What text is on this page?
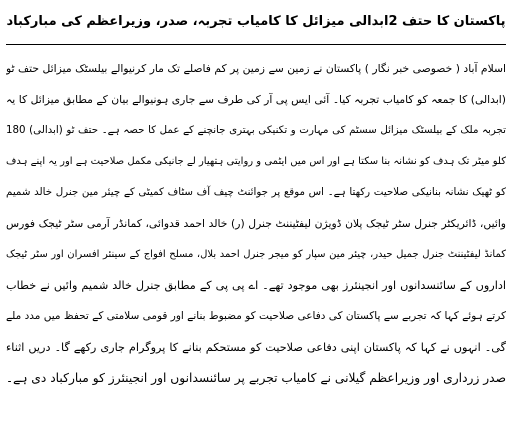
پاکستان کا حتف 2ابدالی میزائل کا کامیاب تجربہ، صدر، وزیراعظم کی مبارکباد
اسلام آباد ( خصوصی خبر نگار ) پاکستان نے زمین سے زمین پر کم فاصلے تک مار کرنیوالے بیلسٹک میزائل حتف ٹو
(ابدالی) کا جمعہ کو کامیاب تجربہ کیا۔ آئی ایس پی آر کی طرف سے جاری ہونیوالے بیان کے مطابق میزائل کا یہ
تجربہ ملک کے بیلسٹک میزائل سسٹم کی مہارت و تکنیکی بہتری جانچنے کے عمل کا حصہ ہے۔ حتف ٹو (ابدالی) 180
کلو میٹر تک ہدف کو نشانہ بنا سکتا ہے اور اس میں ایٹمی و روایتی ہتھیار لے جانیکی مکمل صلاحیت ہے اور یہ اپنے ہدف
کو ٹھیک نشانہ بنانیکی صلاحیت رکھتا ہے۔ اس موقع پر جوائنٹ چیف آف سٹاف کمیٹی کے چیئر مین جنرل خالد شمیم
وائیں، ڈائریکٹر جنرل سٹر ٹیجک پلان ڈویژن لیفٹیننٹ جنرل (ر) خالد احمد قدوائی، کمانڈر آرمی سٹر ٹیجک فورس
کمانڈ لیفٹیننٹ جنرل جمیل حیدر، چیئر مین سپار کو میجر جنرل احمد بلال، مسلح افواج کے سینئر افسران اور سٹر ٹیجک
اداروں کے سائنسدانوں اور انجینئرز بھی موجود تھے۔ اے پی پی کے مطابق جنرل خالد شمیم وائیں نے خطاب
کرتے ہوئے کہا کہ تجربے سے پاکستان کی دفاعی صلاحیت کو مضبوط بنانے اور قومی سلامتی کے تحفظ میں مدد ملے
گی۔ انہوں نے کہا کہ پاکستان اپنی دفاعی صلاحیت کو مستحکم بنانے کا پروگرام جاری رکھے گا۔ دریں اثناء
صدر زرداری اور وزیراعظم گیلانی نے کامیاب تجربے پر سائنسدانوں اور انجینئرز کو مبارکباد دی ہے۔
